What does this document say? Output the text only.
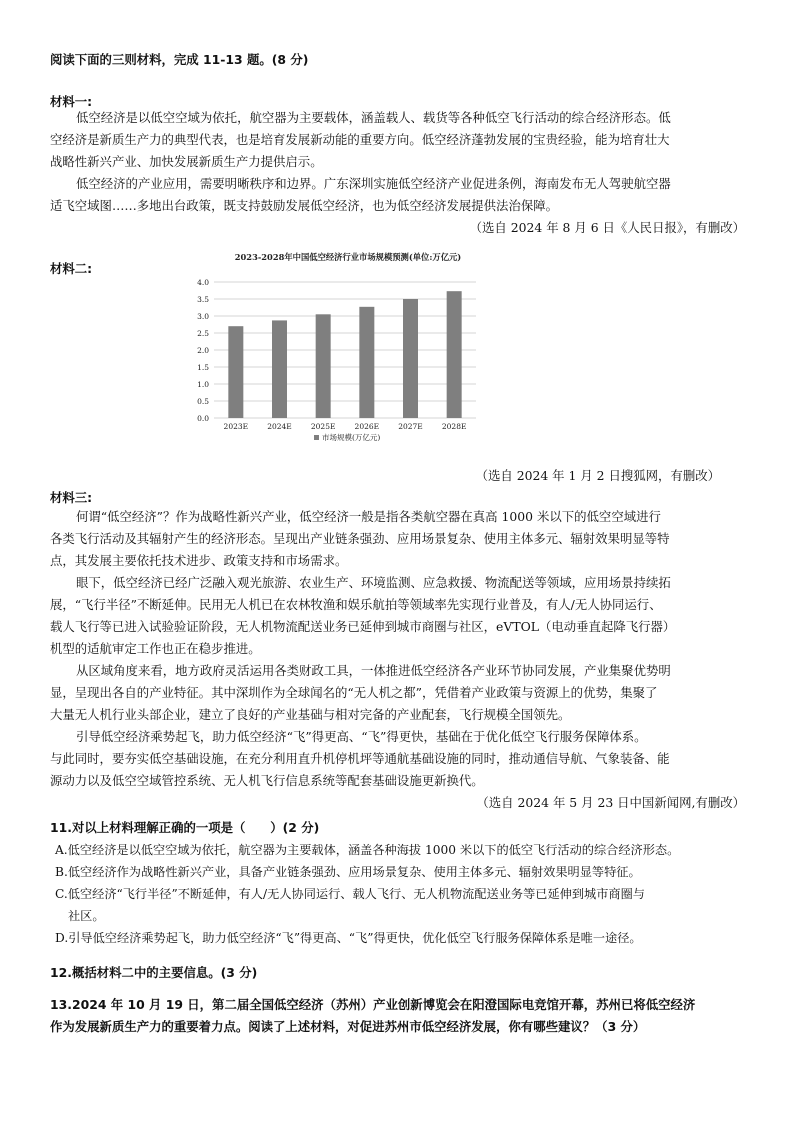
阅读下面的三则材料，完成 11-13 题。(8 分)
材料一:
低空经济是以低空空域为依托，航空器为主要载体，涵盖载人、载货等各种低空飞行活动的综合经济形态。低
空经济是新质生产力的典型代表，也是培育发展新动能的重要方向。低空经济蓬勃发展的宝贵经验，能为培育壮大
战略性新兴产业、加快发展新质生产力提供启示。
低空经济的产业应用，需要明晰秩序和边界。广东深圳实施低空经济产业促进条例，海南发布无人驾驶航空器
适飞空域图……多地出台政策，既支持鼓励发展低空经济，也为低空经济发展提供法治保障。
（选自 2024 年 8 月 6 日《人民日报》，有删改）
材料二:
2023-2028年中国低空经济行业市场规模预测(单位:万亿元)
0.0
0.5
1.0
1.5
2.0
2.5
3.0
3.5
4.0
2023E	2024E	2025E	2026E	2027E	2028E
市场规模(万亿元)
（选自 2024 年 1 月 2 日搜狐网，有删改）
材料三:
何谓“低空经济”？作为战略性新兴产业，低空经济一般是指各类航空器在真高 1000 米以下的低空空域进行
各类飞行活动及其辐射产生的经济形态。呈现出产业链条强劲、应用场景复杂、使用主体多元、辐射效果明显等特
点，其发展主要依托技术进步、政策支持和市场需求。
眼下，低空经济已经广泛融入观光旅游、农业生产、环境监测、应急救援、物流配送等领域，应用场景持续拓
展，“飞行半径”不断延伸。民用无人机已在农林牧渔和娱乐航拍等领域率先实现行业普及，有人/无人协同运行、
载人飞行等已进入试验验证阶段，无人机物流配送业务已延伸到城市商圈与社区，eVTOL（电动垂直起降飞行器）
机型的适航审定工作也正在稳步推进。
从区域角度来看，地方政府灵活运用各类财政工具，一体推进低空经济各产业环节协同发展，产业集聚优势明
显，呈现出各自的产业特征。其中深圳作为全球闻名的“无人机之都”，凭借着产业政策与资源上的优势，集聚了
大量无人机行业头部企业，建立了良好的产业基础与相对完备的产业配套，飞行规模全国领先。
引导低空经济乘势起飞，助力低空经济“飞”得更高、“飞”得更快，基础在于优化低空飞行服务保障体系。
与此同时，要夯实低空基础设施，在充分利用直升机停机坪等通航基础设施的同时，推动通信导航、气象装备、能
源动力以及低空空域管控系统、无人机飞行信息系统等配套基础设施更新换代。
（选自 2024 年 5 月 23 日中国新闻网,有删改）
11.对以上材料理解正确的一项是（　　）(2 分)
A.低空经济是以低空空域为依托，航空器为主要载体，涵盖各种海拔 1000 米以下的低空飞行活动的综合经济形态。
B.低空经济作为战略性新兴产业，具备产业链条强劲、应用场景复杂、使用主体多元、辐射效果明显等特征。
C.低空经济“飞行半径”不断延伸，有人/无人协同运行、载人飞行、无人机物流配送业务等已延伸到城市商圈与
社区。
D.引导低空经济乘势起飞，助力低空经济“飞”得更高、“飞”得更快，优化低空飞行服务保障体系是唯一途径。
12.概括材料二中的主要信息。(3 分)
13.2024 年 10 月 19 日，第二届全国低空经济（苏州）产业创新博览会在阳澄国际电竞馆开幕，苏州已将低空经济
作为发展新质生产力的重要着力点。阅读了上述材料，对促进苏州市低空经济发展，你有哪些建议？（3 分）
